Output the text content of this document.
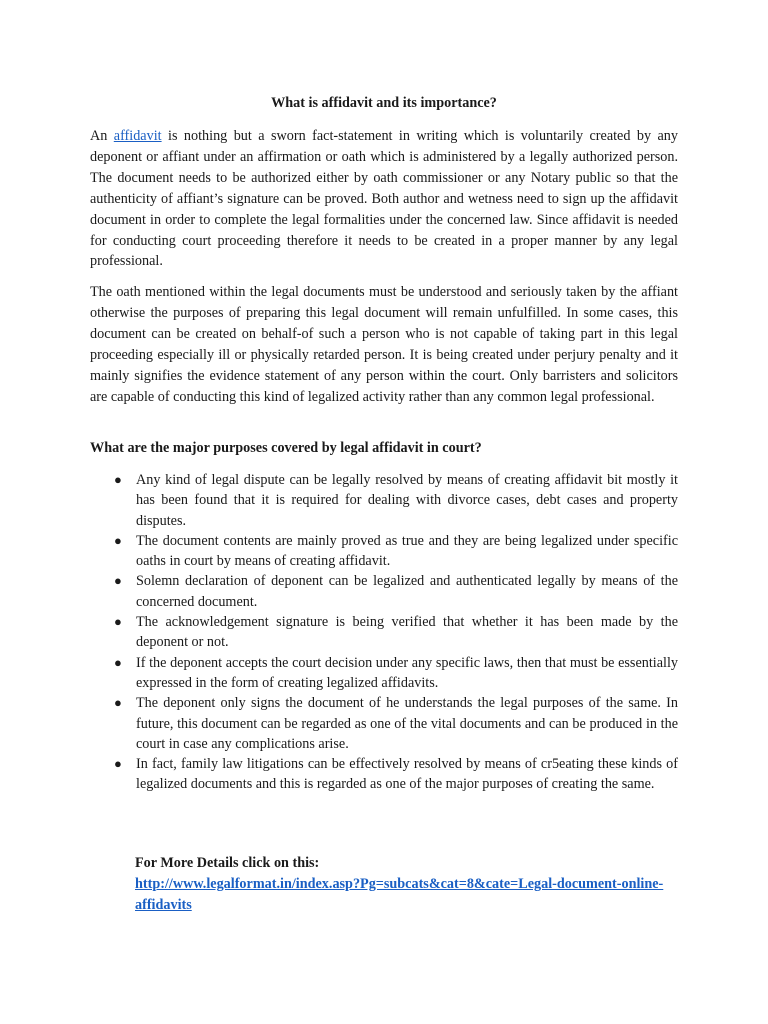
What is affidavit and its importance?

An affidavit is nothing but a sworn fact-statement in writing which is voluntarily created by any deponent or affiant under an affirmation or oath which is administered by a legally authorized person. The document needs to be authorized either by oath commissioner or any Notary public so that the authenticity of affiant’s signature can be proved. Both author and wetness need to sign up the affidavit document in order to complete the legal formalities under the concerned law. Since affidavit is needed for conducting court proceeding therefore it needs to be created in a proper manner by any legal professional.

The oath mentioned within the legal documents must be understood and seriously taken by the affiant otherwise the purposes of preparing this legal document will remain unfulfilled. In some cases, this document can be created on behalf-of such a person who is not capable of taking part in this legal proceeding especially ill or physically retarded person. It is being created under perjury penalty and it mainly signifies the evidence statement of any person within the court. Only barristers and solicitors are capable of conducting this kind of legalized activity rather than any common legal professional.

What are the major purposes covered by legal affidavit in court?

● Any kind of legal dispute can be legally resolved by means of creating affidavit bit mostly it has been found that it is required for dealing with divorce cases, debt cases and property disputes.
● The document contents are mainly proved as true and they are being legalized under specific oaths in court by means of creating affidavit.
● Solemn declaration of deponent can be legalized and authenticated legally by means of the concerned document.
● The acknowledgement signature is being verified that whether it has been made by the deponent or not.
● If the deponent accepts the court decision under any specific laws, then that must be essentially expressed in the form of creating legalized affidavits.
● The deponent only signs the document of he understands the legal purposes of the same. In future, this document can be regarded as one of the vital documents and can be produced in the court in case any complications arise.
● In fact, family law litigations can be effectively resolved by means of cr5eating these kinds of legalized documents and this is regarded as one of the major purposes of creating the same.
For More Details click on this:
http://www.legalformat.in/index.asp?Pg=subcats&cat=8&cate=Legal-document-online-affidavits
